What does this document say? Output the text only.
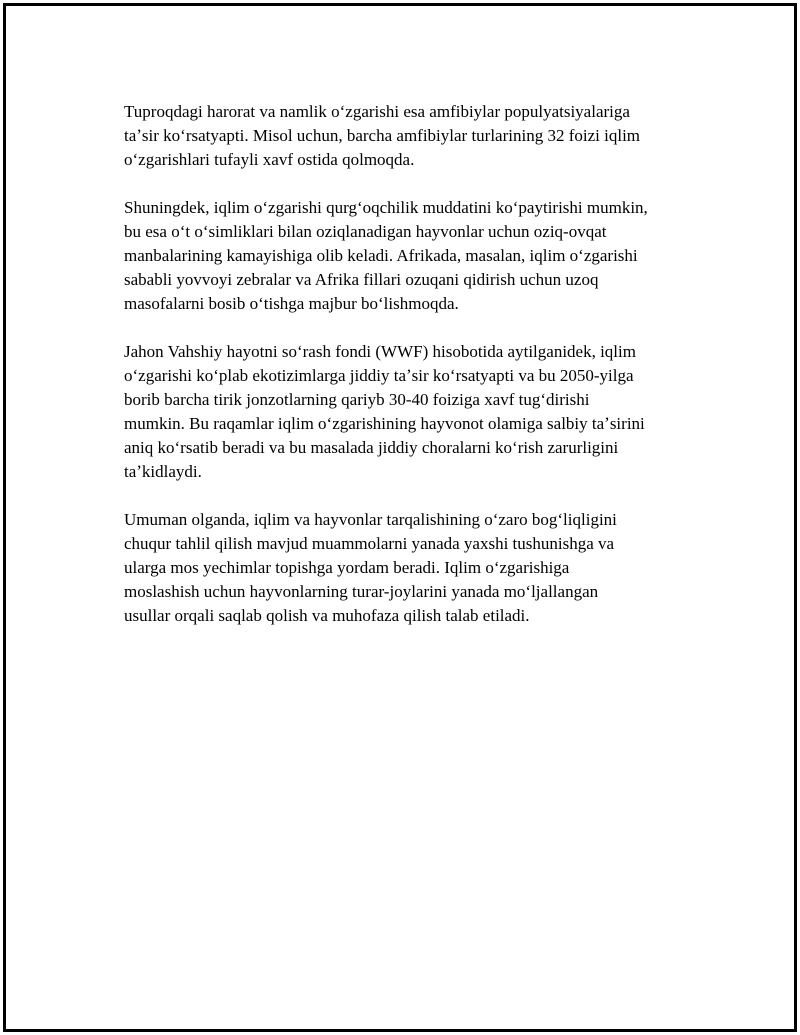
Tuproqdagi harorat va namlik oʻzgarishi esa amfibiylar populyatsiyalariga
taʼsir koʻrsatyapti. Misol uchun, barcha amfibiylar turlarining 32 foizi iqlim
oʻzgarishlari tufayli xavf ostida qolmoqda.

Shuningdek, iqlim oʻzgarishi qurgʻoqchilik muddatini koʻpaytirishi mumkin,
bu esa oʻt oʻsimliklari bilan oziqlanadigan hayvonlar uchun oziq-ovqat
manbalarining kamayishiga olib keladi. Afrikada, masalan, iqlim oʻzgarishi
sababli yovvoyi zebralar va Afrika fillari ozuqani qidirish uchun uzoq
masofalarni bosib oʻtishga majbur boʻlishmoqda.

Jahon Vahshiy hayotni soʻrash fondi (WWF) hisobotida aytilganidek, iqlim
oʻzgarishi koʻplab ekotizimlarga jiddiy taʼsir koʻrsatyapti va bu 2050-yilga
borib barcha tirik jonzotlarning qariyb 30-40 foiziga xavf tugʻdirishi
mumkin. Bu raqamlar iqlim oʻzgarishining hayvonot olamiga salbiy taʼsirini
aniq koʻrsatib beradi va bu masalada jiddiy choralarni koʻrish zarurligini
taʼkidlaydi.

Umuman olganda, iqlim va hayvonlar tarqalishining oʻzaro bogʻliqligini
chuqur tahlil qilish mavjud muammolarni yanada yaxshi tushunishga va
ularga mos yechimlar topishga yordam beradi. Iqlim oʻzgarishiga
moslashish uchun hayvonlarning turar-joylarini yanada moʻljallangan
usullar orqali saqlab qolish va muhofaza qilish talab etiladi.
